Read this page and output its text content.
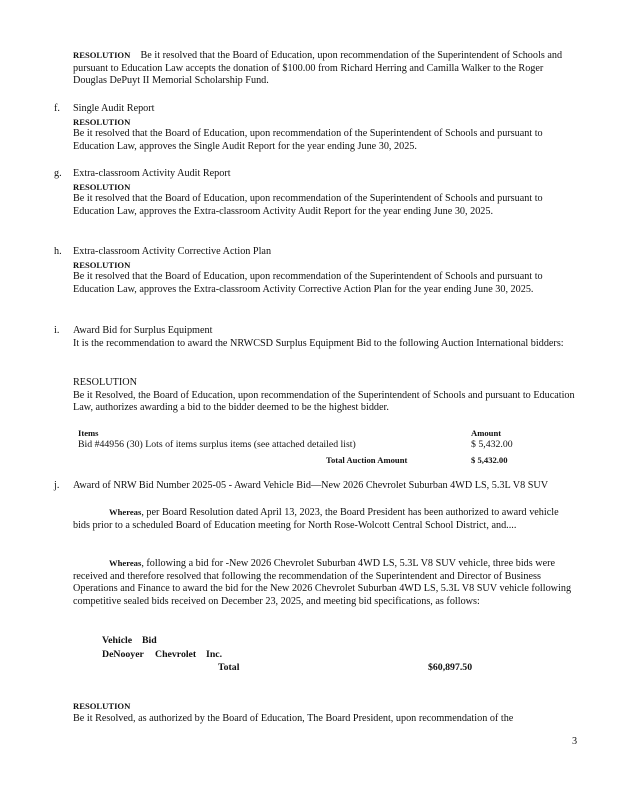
RESOLUTION Be it resolved that the Board of Education, upon recommendation of the Superintendent of Schools and pursuant to Education Law accepts the donation of $100.00 from Richard Herring and Camilla Walker to the Roger Douglas DePuyt II Memorial Scholarship Fund.

f. Single Audit Report

RESOLUTION

Be it resolved that the Board of Education, upon recommendation of the Superintendent of Schools and pursuant to Education Law, approves the Single Audit Report for the year ending June 30, 2025.

g. Extra-classroom Activity Audit Report

RESOLUTION

Be it resolved that the Board of Education, upon recommendation of the Superintendent of Schools and pursuant to Education Law, approves the Extra-classroom Activity Audit Report for the year ending June 30, 2025.

h. Extra-classroom Activity Corrective Action Plan

RESOLUTION

Be it resolved that the Board of Education, upon recommendation of the Superintendent of Schools and pursuant to Education Law, approves the Extra-classroom Activity Corrective Action Plan for the year ending June 30, 2025.

i. Award Bid for Surplus Equipment

It is the recommendation to award the NRWCSD Surplus Equipment Bid to the following Auction International bidders:

RESOLUTION

Be it Resolved, the Board of Education, upon recommendation of the Superintendent of Schools and pursuant to Education Law, authorizes awarding a bid to the bidder deemed to be the highest bidder.

Items	Amount
Bid #44956 (30) Lots of items surplus items (see attached detailed list)	$ 5,432.00
Total Auction Amount	$ 5,432.00
j. Award of NRW Bid Number 2025-05 - Award Vehicle Bid—New 2026 Chevrolet Suburban 4WD LS, 5.3L V8 SUV

Whereas, per Board Resolution dated April 13, 2023, the Board President has been authorized to award vehicle bids prior to a scheduled Board of Education meeting for North Rose-Wolcott Central School District, and....

Whereas, following a bid for -New 2026 Chevrolet Suburban 4WD LS, 5.3L V8 SUV vehicle, three bids were received and therefore resolved that following the recommendation of the Superintendent and Director of Business Operations and Finance to award the bid for the New 2026 Chevrolet Suburban 4WD LS, 5.3L V8 SUV vehicle following competitive sealed bids received on December 23, 2025, and meeting bid specifications, as follows:

Vehicle Bid
DeNooyer Chevrolet Inc.
Total	$60,897.50

RESOLUTION

Be it Resolved, as authorized by the Board of Education, The Board President, upon recommendation of the

3
